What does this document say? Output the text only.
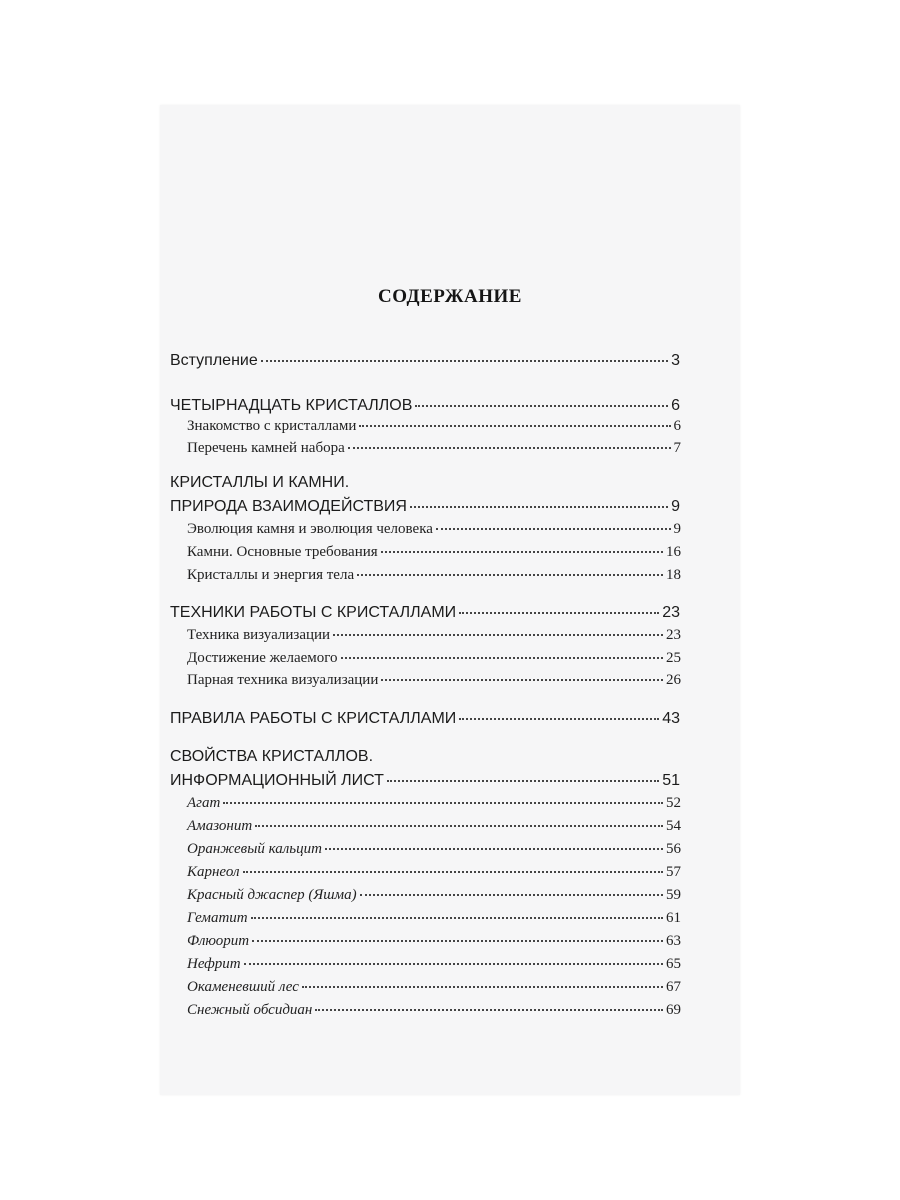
СОДЕРЖАНИЕ
Вступление	3
ЧЕТЫРНАДЦАТЬ КРИСТАЛЛОВ	6
Знакомство с кристаллами	6
Перечень камней набора	7
КРИСТАЛЛЫ И КАМНИ.
ПРИРОДА ВЗАИМОДЕЙСТВИЯ	9
Эволюция камня и эволюция человека	9
Камни. Основные требования	16
Кристаллы и энергия тела	18
ТЕХНИКИ РАБОТЫ С КРИСТАЛЛАМИ	23
Техника визуализации	23
Достижение желаемого	25
Парная техника визуализации	26
ПРАВИЛА РАБОТЫ С КРИСТАЛЛАМИ	43
СВОЙСТВА КРИСТАЛЛОВ.
ИНФОРМАЦИОННЫЙ ЛИСТ	51
Агат	52
Амазонит	54
Оранжевый кальцит	56
Карнеол	57
Красный джаспер (Яшма)	59
Гематит	61
Флюорит	63
Нефрит	65
Окаменевший лес	67
Снежный обсидиан	69
